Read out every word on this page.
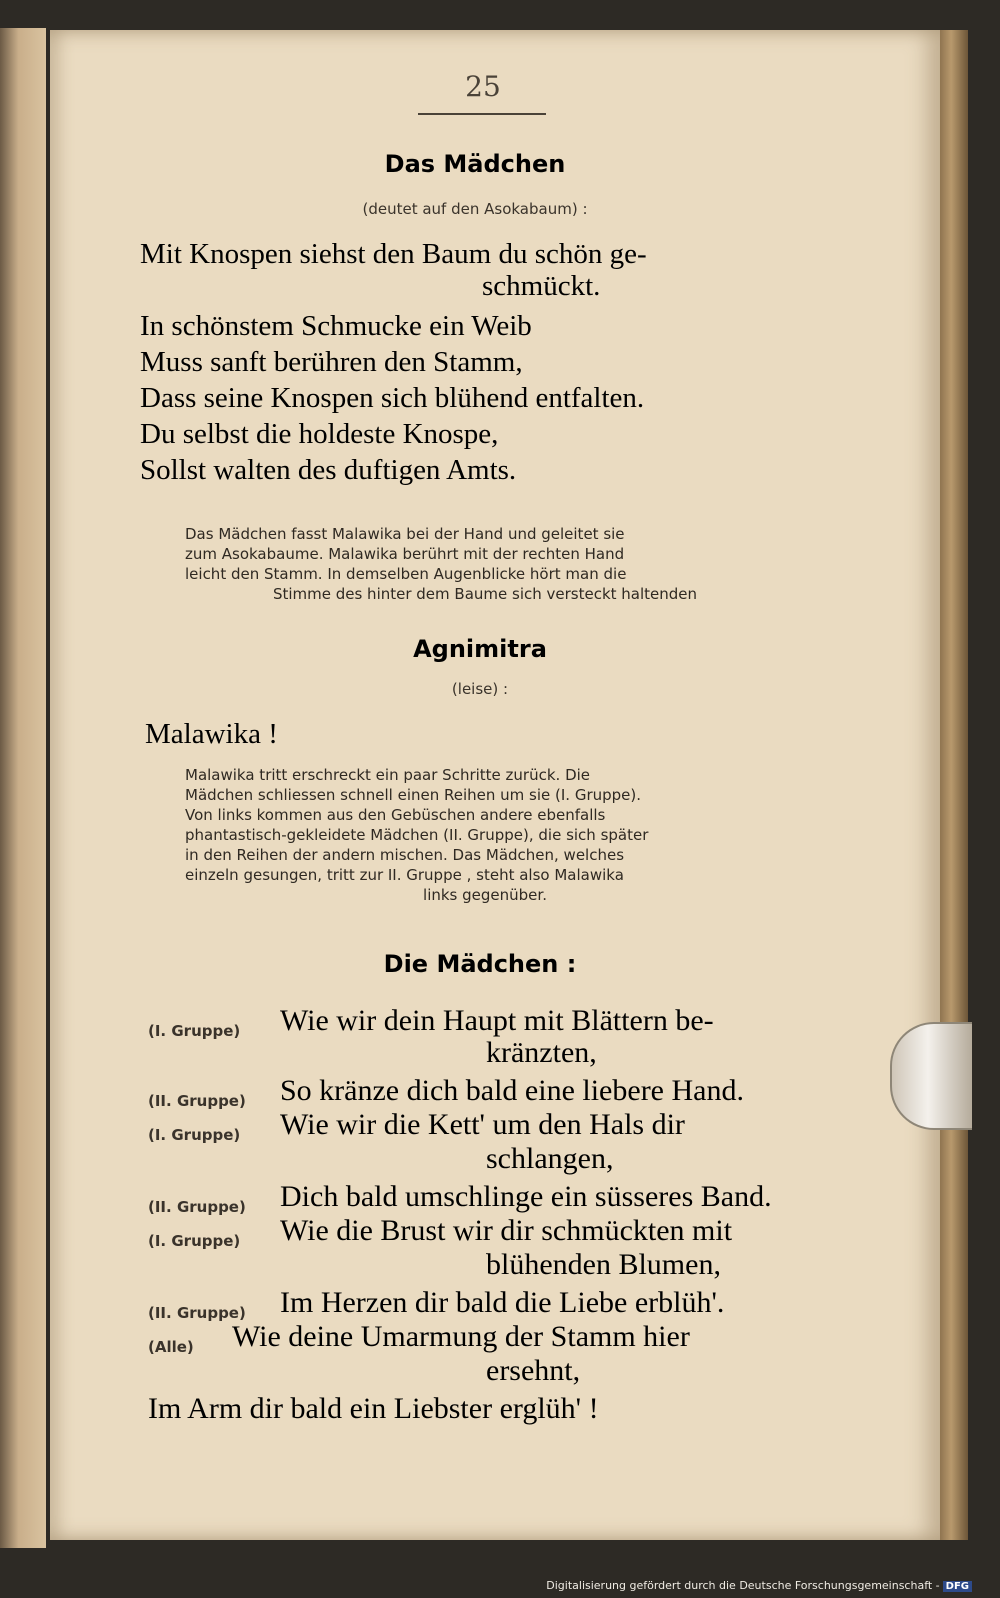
25
Das Mädchen
(deutet auf den Asokabaum) :
Mit Knospen siehst den Baum du schön ge-
schmückt.
In schönstem Schmucke ein Weib
Muss sanft berühren den Stamm,
Dass seine Knospen sich blühend entfalten.
Du selbst die holdeste Knospe,
Sollst walten des duftigen Amts.
Das Mädchen fasst Malawika bei der Hand und geleitet sie
zum Asokabaume. Malawika berührt mit der rechten Hand
leicht den Stamm. In demselben Augenblicke hört man die
Stimme des hinter dem Baume sich versteckt haltenden
Agnimitra
(leise) :
Malawika !
Malawika tritt erschreckt ein paar Schritte zurück. Die
Mädchen schliessen schnell einen Reihen um sie (I. Gruppe).
Von links kommen aus den Gebüschen andere ebenfalls
phantastisch-gekleidete Mädchen (II. Gruppe), die sich später
in den Reihen der andern mischen. Das Mädchen, welches
einzeln gesungen, tritt zur II. Gruppe , steht also Malawika
links gegenüber.
Die Mädchen :
(I. Gruppe) Wie wir dein Haupt mit Blättern be-
kränzten,
(II. Gruppe) So kränze dich bald eine liebere Hand.
(I. Gruppe) Wie wir die Kett' um den Hals dir
schlangen,
(II. Gruppe) Dich bald umschlinge ein süsseres Band.
(I. Gruppe) Wie die Brust wir dir schmückten mit
blühenden Blumen,
(II. Gruppe) Im Herzen dir bald die Liebe erblüh'.
(Alle) Wie deine Umarmung der Stamm hier
ersehnt,
Im Arm dir bald ein Liebster erglüh' !
Digitalisierung gefördert durch die Deutsche Forschungsgemeinschaft - DFG
